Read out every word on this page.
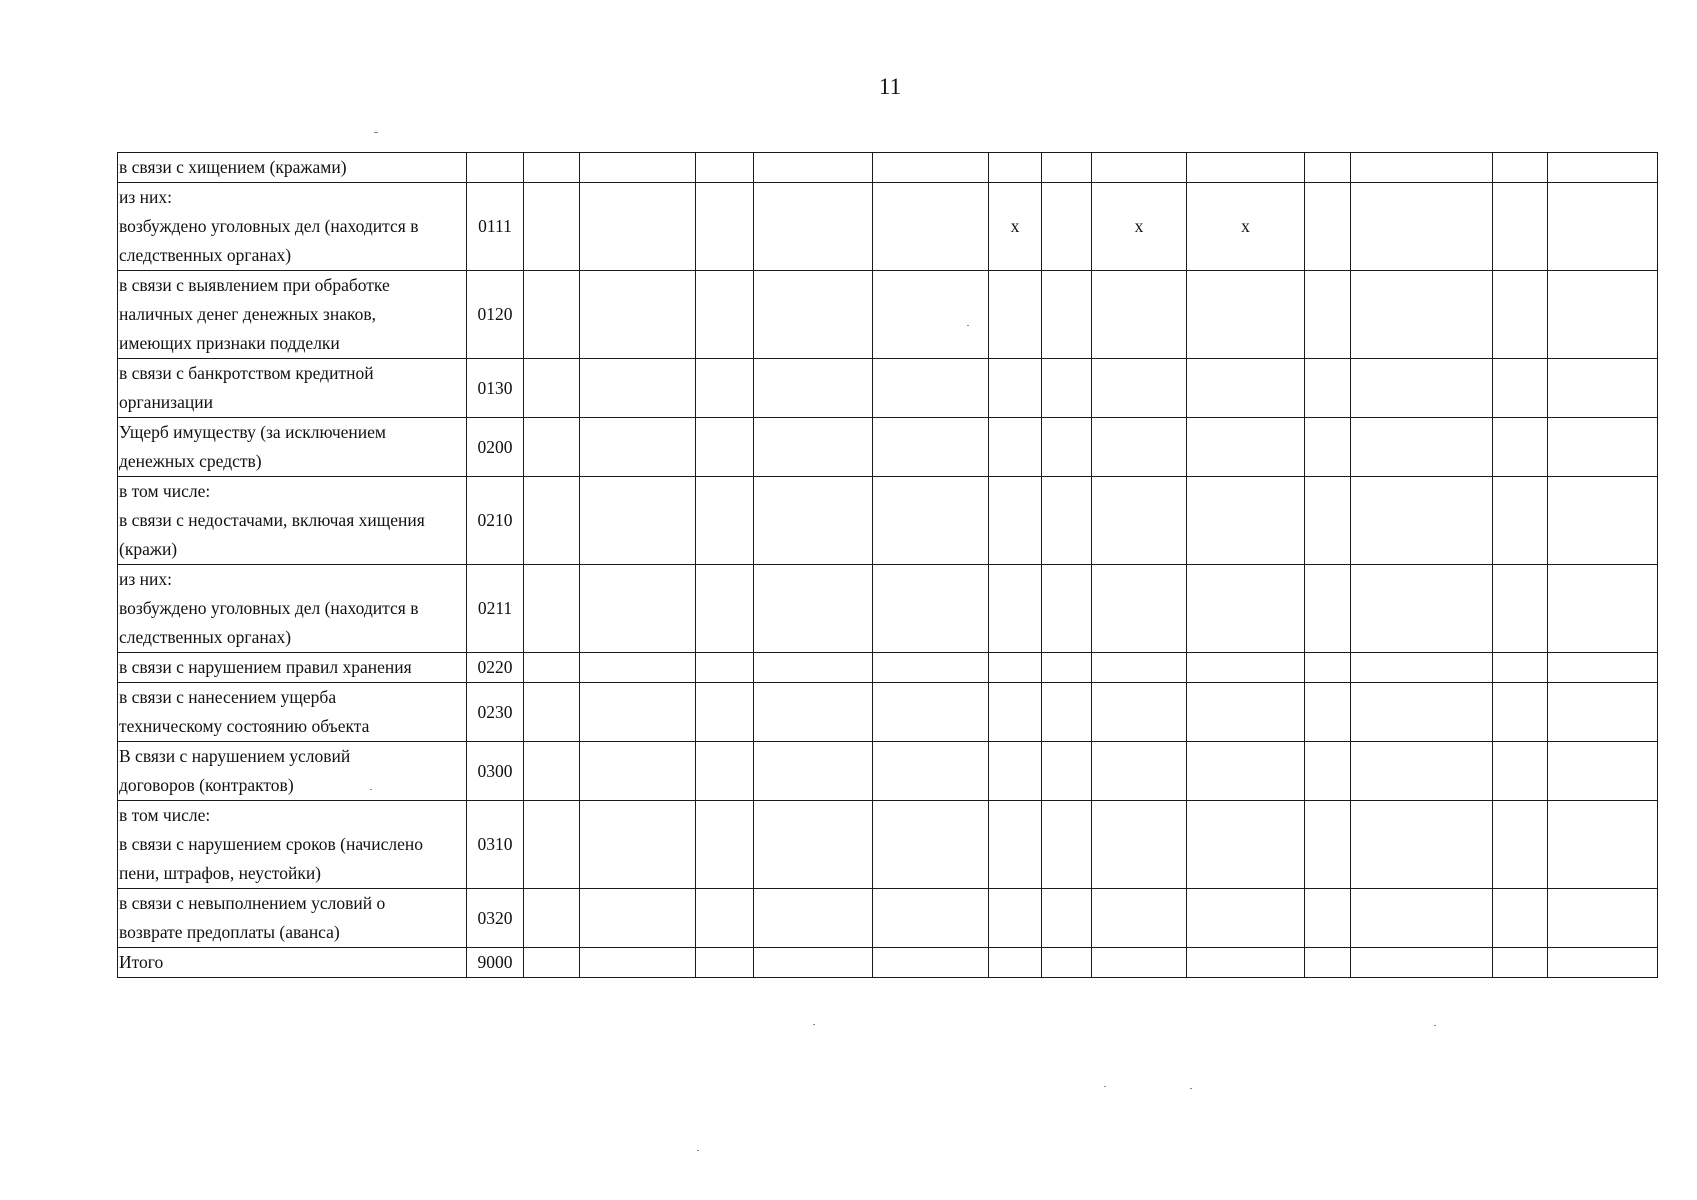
11
в связи с хищением (кражами)														

из них:
возбуждено уголовных дел (находится в
следственных органах)	0111						x		x	x				

в связи с выявлением при обработке
наличных денег денежных знаков,
имеющих признаки подделки	0120													

в связи с банкротством кредитной
организации	0130													

Ущерб имуществу (за исключением
денежных средств)	0200													

в том числе:
в связи с недостачами, включая хищения
(кражи)	0210													

из них:
возбуждено уголовных дел (находится в
следственных органах)	0211													

в связи с нарушением правил хранения	0220													

в связи с нанесением ущерба
техническому состоянию объекта	0230													

В связи с нарушением условий
договоров (контрактов)	0300													

в том числе:
в связи с нарушением сроков (начислено
пени, штрафов, неустойки)	0310													

в связи с невыполнением условий о
возврате предоплаты (аванса)	0320													

Итого	9000													
